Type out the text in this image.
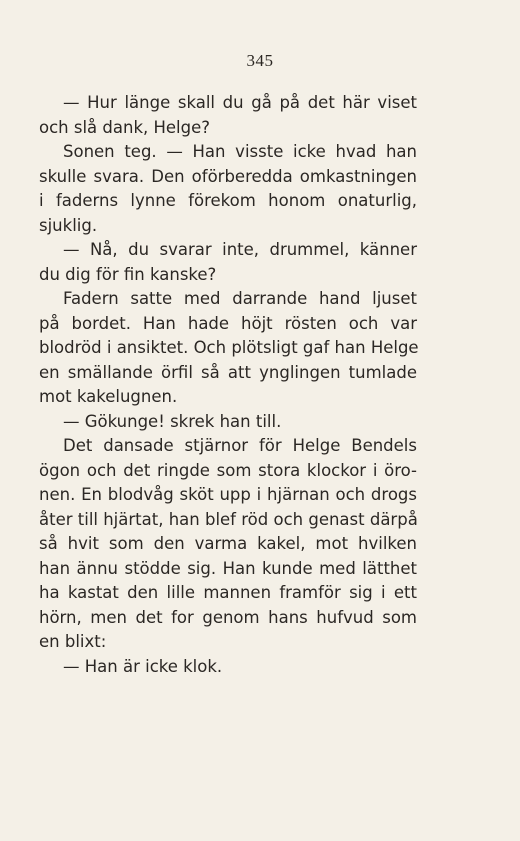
345
— Hur länge skall du gå på det här viset
och slå dank, Helge?
Sonen teg. — Han visste icke hvad han
skulle svara. Den oförberedda omkastningen
i faderns lynne förekom honom onaturlig,
sjuklig.
— Nå, du svarar inte, drummel, känner
du dig för fin kanske?
Fadern satte med darrande hand ljuset
på bordet. Han hade höjt rösten och var
blodröd i ansiktet. Och plötsligt gaf han Helge
en smällande örfil så att ynglingen tumlade
mot kakelugnen.
— Gökunge! skrek han till.
Det dansade stjärnor för Helge Bendels
ögon och det ringde som stora klockor i öro-
nen. En blodvåg sköt upp i hjärnan och drogs
åter till hjärtat, han blef röd och genast därpå
så hvit som den varma kakel, mot hvilken
han ännu stödde sig. Han kunde med lätthet
ha kastat den lille mannen framför sig i ett
hörn, men det for genom hans hufvud som
en blixt:
— Han är icke klok.
